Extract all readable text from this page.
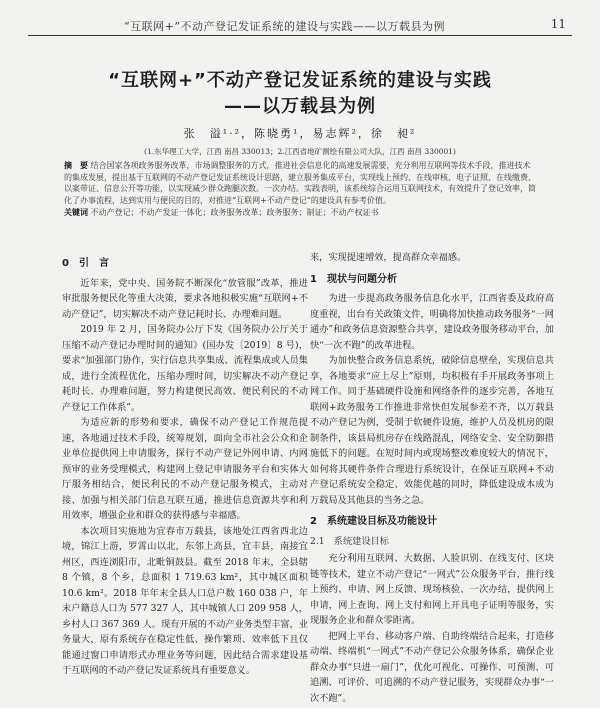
“互联网+”不动产登记发证系统的建设与实践——以万载县为例	11
“互联网+”不动产登记发证系统的建设与实践
——以万载县为例
张　溢¹·²，陈晓勇¹，易志辉²，徐　昶²
(1.东华理工大学，江西 南昌 330013；2.江西省地矿测绘有限公司大队，江西 南昌 330001)
摘　要 结合国家各项政务服务改革，市场调整服务的方式，推进社会信息化的高速发展需要，充分利用互联网等技术手段，推进技术的集成发展，提出基于互联网的不动产登记发证系统设计思路，建立服务集成平台，实现线上预约、在线审核、电子证照、在线缴费、以案带证、信息公开等功能，以实现减少群众跑腿次数。一次办结。实践表明，该系统综合运用互联网技术，有效提升了登记效率，简化了办事流程，达到实用与便民的目的，对推进“互联网+不动产登记”的建设具有参考价值。
关键词 不动产登记；不动产发证一体化；政务服务改革；政务服务；制证；不动产权证书
0　引　言

近年来，党中央、国务院不断深化“放管服”改革，推进审批服务便民化等重大决策，要求各地积极实施“互联网+不动产登记”，切实解决不动产登记耗时长、办理难问题。

2019 年 2 月，国务院办公厅下发《国务院办公厅关于压缩不动产登记办理时间的通知》(国办发〔2019〕8 号)，要求“加强部门协作，实行信息共享集成、流程集成或人员集成，进行全流程优化，压缩办理时间，切实解决不动产登记耗时长、办理难问题，努力构建便民高效、便民利民的不动产登记工作体系”。

为适应新的形势和要求，确保不动产登记工作规范提速，各地通过技术手段，统筹规划，面向全市社会公众和企业单位提供网上申请服务，探行不动产登记外网申请、内网预审的业务受理模式，构建网上登记申请服务平台和实体大厅服务相结合，便民利民的不动产登记服务模式，主动对接、加强与相关部门信息互联互通，推进信息资源共享和利用效率，增强企业和群众的获得感与幸福感。

本次项目实施地为宜春市万载县，该地处江西省西北边境，锦江上游，罗霄山以北，东邻上高县，宜丰县，南接宜州区，西连浏阳市，北毗铜鼓县。截至 2018 年末，全县辖 8 个镇，8 个乡，总面积 1 719.63 km²，其中城区面积 10.6 km²。2018 年年末全县人口总户数 160 038 户，年末户籍总人口为 577 327 人，其中城镇人口 209 958 人，乡村人口 367 369 人。现有开展的不动产业务类型丰富，业务量大，原有系统存在稳定性低、操作繁琐、效率低下且仅能通过窗口申请形式办理业务等问题，因此结合需求建设基于互联网的不动产登记发证系统具有重要意义。

来，实现提速增效，提高群众幸福感。

1　现状与问题分析

为进一步提高政务服务信息化水平，江西省委及政府高度重视，出台有关政策文件，明确将加快推动政务服务“一网通办”和政务信息资源整合共享，建设政务服务移动平台，加快“一次不跑”的改革进程。

为加快整合政务信息系统，破除信息壁垒，实现信息共享，各地要求“应上尽上”原则，均积极有手开展政务事项上网工作。同于基础硬件设施和网络条件的逐步完善，各地互联网+政务服务工作推进非常快但发展参差不齐，以万载县不动产登记为例，受制于软硬件设施，维护人员及机房的限制条件，该县局机房存在线路混乱，网络安全、安全防御措施低下的问题。在短时间内或现场整改难度较大的情况下，如何将其硬件条件合理进行系统设计，在保证互联网+不动产登记系统安全稳定、效能优越的同时，降低建设成本成为万载局及其他县的当务之急。

2　系统建设目标及功能设计
2.1　系统建设目标

充分利用互联网、大数据、人脸识别、在线支付、区块链等技术，建立不动产登记“一网式”公众服务平台，推行线上预约、申请、网上反馈、现场核验、一次办结，提供网上申请，网上查询、网上支付和网上开具电子证明等服务，实现服务企业和群众零距离。

把网上平台、移动客户端、自助终端结合起来，打造移动端、终端机“一网式”不动产登记公众服务体系，确保企业群众办事“只进一扇门”，优化可视化、可操作、可预测、可追溯、可评价、可追溯的不动产登记服务，实现群众办事“一次不跑”。
